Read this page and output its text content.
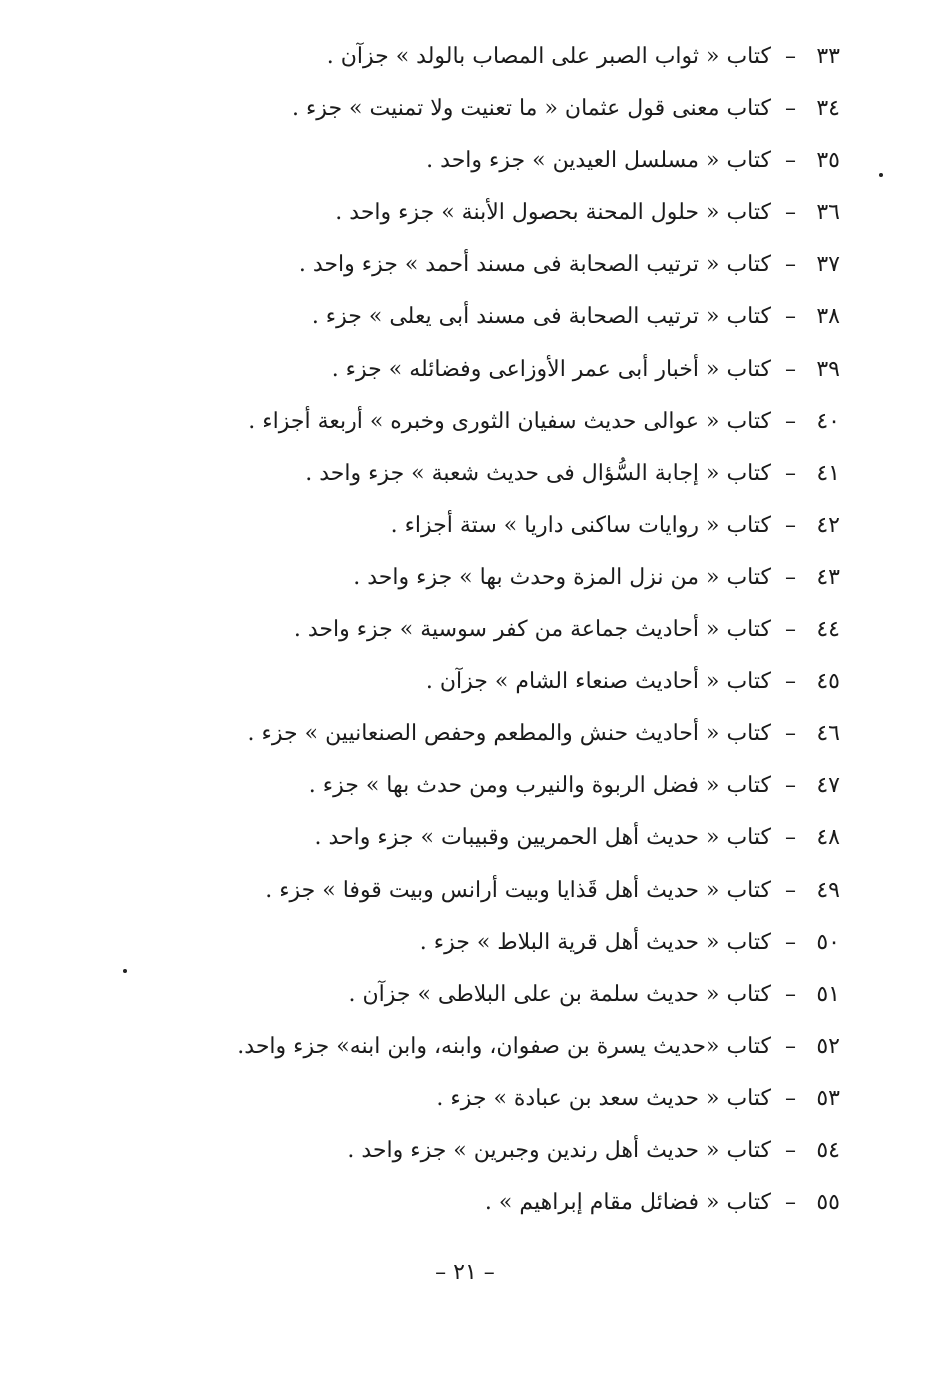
٣٣–كتاب « ثواب الصبر على المصاب بالولد » جزآن .
٣٤–كتاب معنى قول عثمان « ما تعنيت ولا تمنيت » جزء .
٣٥–كتاب « مسلسل العيدين » جزء واحد .
٣٦–كتاب « حلول المحنة بحصول الأبنة » جزء واحد .
٣٧–كتاب « ترتيب الصحابة فى مسند أحمد » جزء واحد .
٣٨–كتاب « ترتيب الصحابة فى مسند أبى يعلى » جزء .
٣٩–كتاب « أخبار أبى عمر الأوزاعى وفضائله » جزء .
٤٠–كتاب « عوالى حديث سفيان الثورى وخبره » أربعة أجزاء .
٤١–كتاب « إجابة السُّؤال فى حديث شعبة » جزء واحد .
٤٢–كتاب « روايات ساكنى داريا » ستة أجزاء .
٤٣–كتاب « من نزل المزة وحدث بها » جزء واحد .
٤٤–كتاب « أحاديث جماعة من كفر سوسية » جزء واحد .
٤٥–كتاب « أحاديث صنعاء الشام » جزآن .
٤٦–كتاب « أحاديث حنش والمطعم وحفص الصنعانيين » جزء .
٤٧–كتاب « فضل الربوة والنيرب ومن حدث بها » جزء .
٤٨–كتاب « حديث أهل الحمريين وقبيبات » جزء واحد .
٤٩–كتاب « حديث أهل قَذايا وبيت أرانس وبيت قوفا » جزء .
٥٠–كتاب « حديث أهل قرية البلاط » جزء .
٥١–كتاب « حديث سلمة بن على البلاطى » جزآن .
٥٢–كتاب «حديث يسرة بن صفوان، وابنه، وابن ابنه» جزء واحد.
٥٣–كتاب « حديث سعد بن عبادة » جزء .
٥٤–كتاب « حديث أهل رندين وجبرين » جزء واحد .
٥٥–كتاب « فضائل مقام إبراهيم » .
– ٢١ –
